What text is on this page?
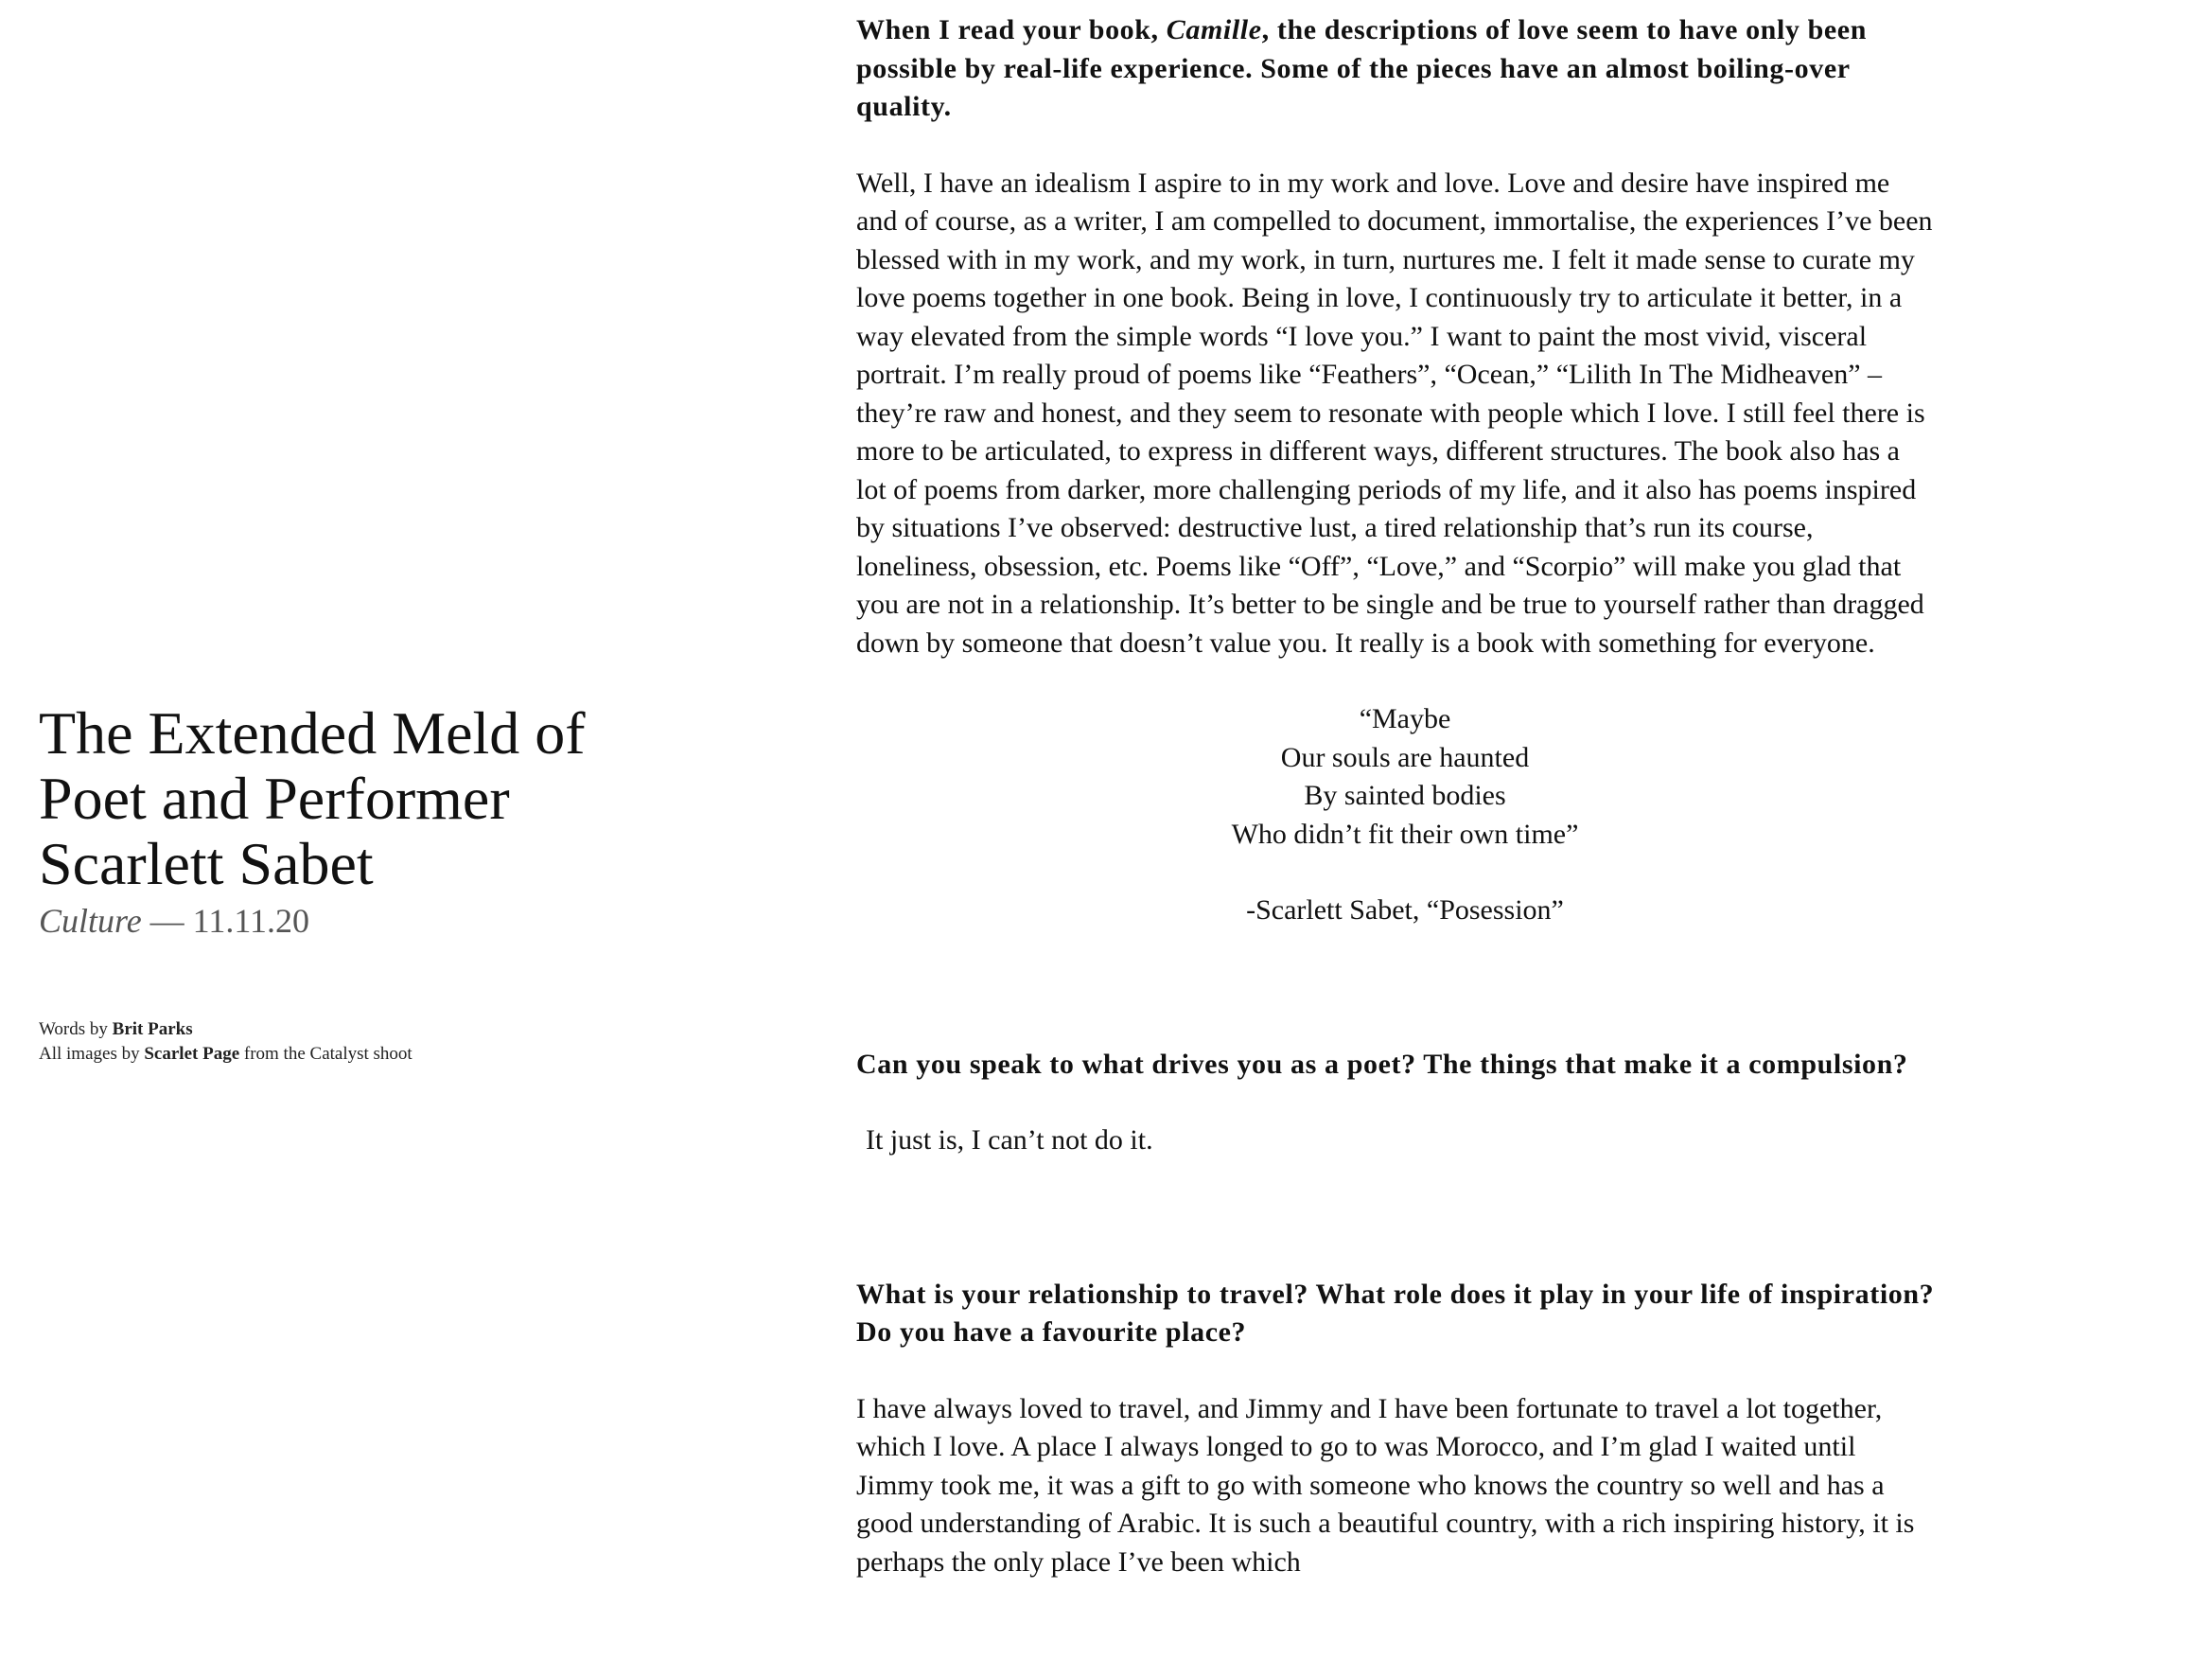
The Extended Meld of
Poet and Performer
Scarlett Sabet
Culture — 11.11.20
Words by Brit Parks
All images by Scarlet Page from the Catalyst shoot

When I read your book, Camille, the descriptions of love seem to have only been possible by real-life experience. Some of the pieces have an almost boiling-over quality.

Well, I have an idealism I aspire to in my work and love. Love and desire have inspired me and of course, as a writer, I am compelled to document, immortalise, the experiences I’ve been blessed with in my work, and my work, in turn, nurtures me. I felt it made sense to curate my love poems together in one book. Being in love, I continuously try to articulate it better, in a way elevated from the simple words “I love you.” I want to paint the most vivid, visceral portrait. I’m really proud of poems like “Feathers”, “Ocean,” “Lilith In The Midheaven” – they’re raw and honest, and they seem to resonate with people which I love. I still feel there is more to be articulated, to express in different ways, different structures. The book also has a lot of poems from darker, more challenging periods of my life, and it also has poems inspired by situations I’ve observed: destructive lust, a tired relationship that’s run its course, loneliness, obsession, etc. Poems like “Off”, “Love,” and “Scorpio” will make you glad that you are not in a relationship. It’s better to be single and be true to yourself rather than dragged down by someone that doesn’t value you. It really is a book with something for everyone.

“Maybe
Our souls are haunted
By sainted bodies
Who didn’t fit their own time”
-Scarlett Sabet, “Posession”

Can you speak to what drives you as a poet? The things that make it a compulsion?

It just is, I can’t not do it.

What is your relationship to travel? What role does it play in your life of inspiration? Do you have a favourite place?

I have always loved to travel, and Jimmy and I have been fortunate to travel a lot together, which I love. A place I always longed to go to was Morocco, and I’m glad I waited until Jimmy took me, it was a gift to go with someone who knows the country so well and has a good understanding of Arabic. It is such a beautiful country, with a rich inspiring history, it is perhaps the only place I’ve been which
